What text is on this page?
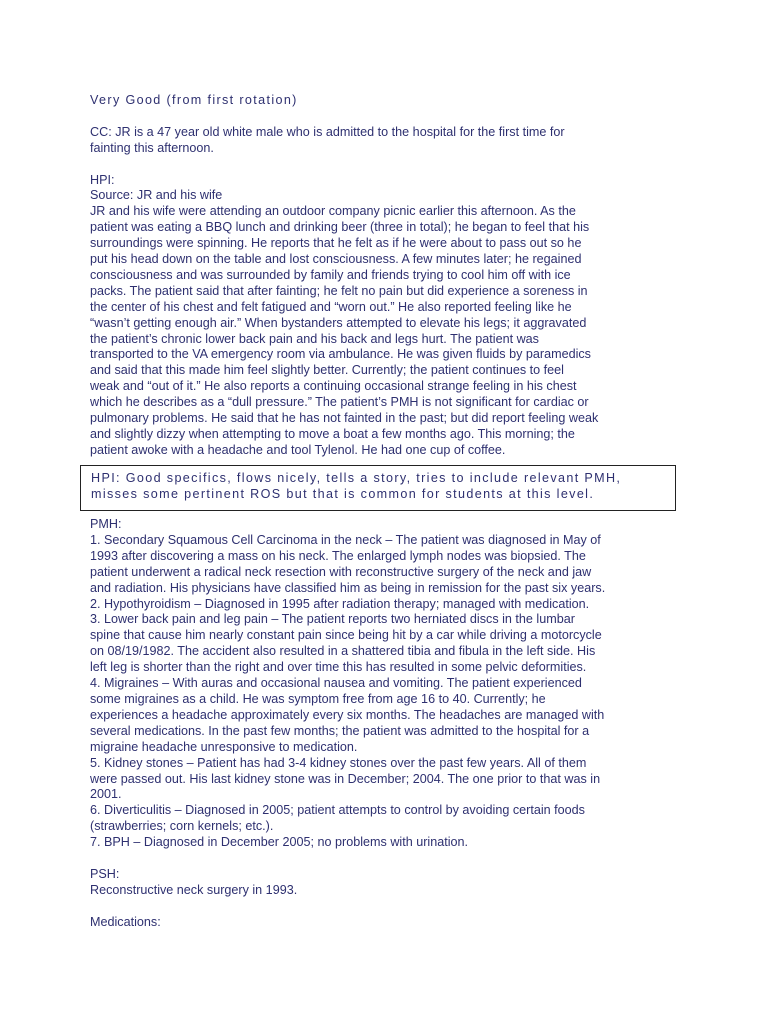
Very Good (from first rotation)
CC: JR is a 47 year old white male who is admitted to the hospital for the first time for
fainting this afternoon.
HPI:
Source: JR and his wife
JR and his wife were attending an outdoor company picnic earlier this afternoon. As the
patient was eating a BBQ lunch and drinking beer (three in total); he began to feel that his
surroundings were spinning. He reports that he felt as if he were about to pass out so he
put his head down on the table and lost consciousness. A few minutes later; he regained
consciousness and was surrounded by family and friends trying to cool him off with ice
packs. The patient said that after fainting; he felt no pain but did experience a soreness in
the center of his chest and felt fatigued and “worn out.” He also reported feeling like he
“wasn’t getting enough air.” When bystanders attempted to elevate his legs; it aggravated
the patient’s chronic lower back pain and his back and legs hurt. The patient was
transported to the VA emergency room via ambulance. He was given fluids by paramedics
and said that this made him feel slightly better. Currently; the patient continues to feel
weak and “out of it.” He also reports a continuing occasional strange feeling in his chest
which he describes as a “dull pressure.” The patient’s PMH is not significant for cardiac or
pulmonary problems. He said that he has not fainted in the past; but did report feeling weak
and slightly dizzy when attempting to move a boat a few months ago. This morning; the
patient awoke with a headache and tool Tylenol. He had one cup of coffee.
HPI: Good specifics, flows nicely, tells a story, tries to include relevant PMH,
misses some pertinent ROS but that is common for students at this level.
PMH:
1. Secondary Squamous Cell Carcinoma in the neck – The patient was diagnosed in May of
1993 after discovering a mass on his neck. The enlarged lymph nodes was biopsied. The
patient underwent a radical neck resection with reconstructive surgery of the neck and jaw
and radiation. His physicians have classified him as being in remission for the past six years.
2. Hypothyroidism – Diagnosed in 1995 after radiation therapy; managed with medication.
3. Lower back pain and leg pain – The patient reports two herniated discs in the lumbar
spine that cause him nearly constant pain since being hit by a car while driving a motorcycle
on 08/19/1982. The accident also resulted in a shattered tibia and fibula in the left side. His
left leg is shorter than the right and over time this has resulted in some pelvic deformities.
4. Migraines – With auras and occasional nausea and vomiting. The patient experienced
some migraines as a child. He was symptom free from age 16 to 40. Currently; he
experiences a headache approximately every six months. The headaches are managed with
several medications. In the past few months; the patient was admitted to the hospital for a
migraine headache unresponsive to medication.
5. Kidney stones – Patient has had 3-4 kidney stones over the past few years. All of them
were passed out. His last kidney stone was in December; 2004. The one prior to that was in
2001.
6. Diverticulitis – Diagnosed in 2005; patient attempts to control by avoiding certain foods
(strawberries; corn kernels; etc.).
7. BPH – Diagnosed in December 2005; no problems with urination.
PSH:
Reconstructive neck surgery in 1993.
Medications:
